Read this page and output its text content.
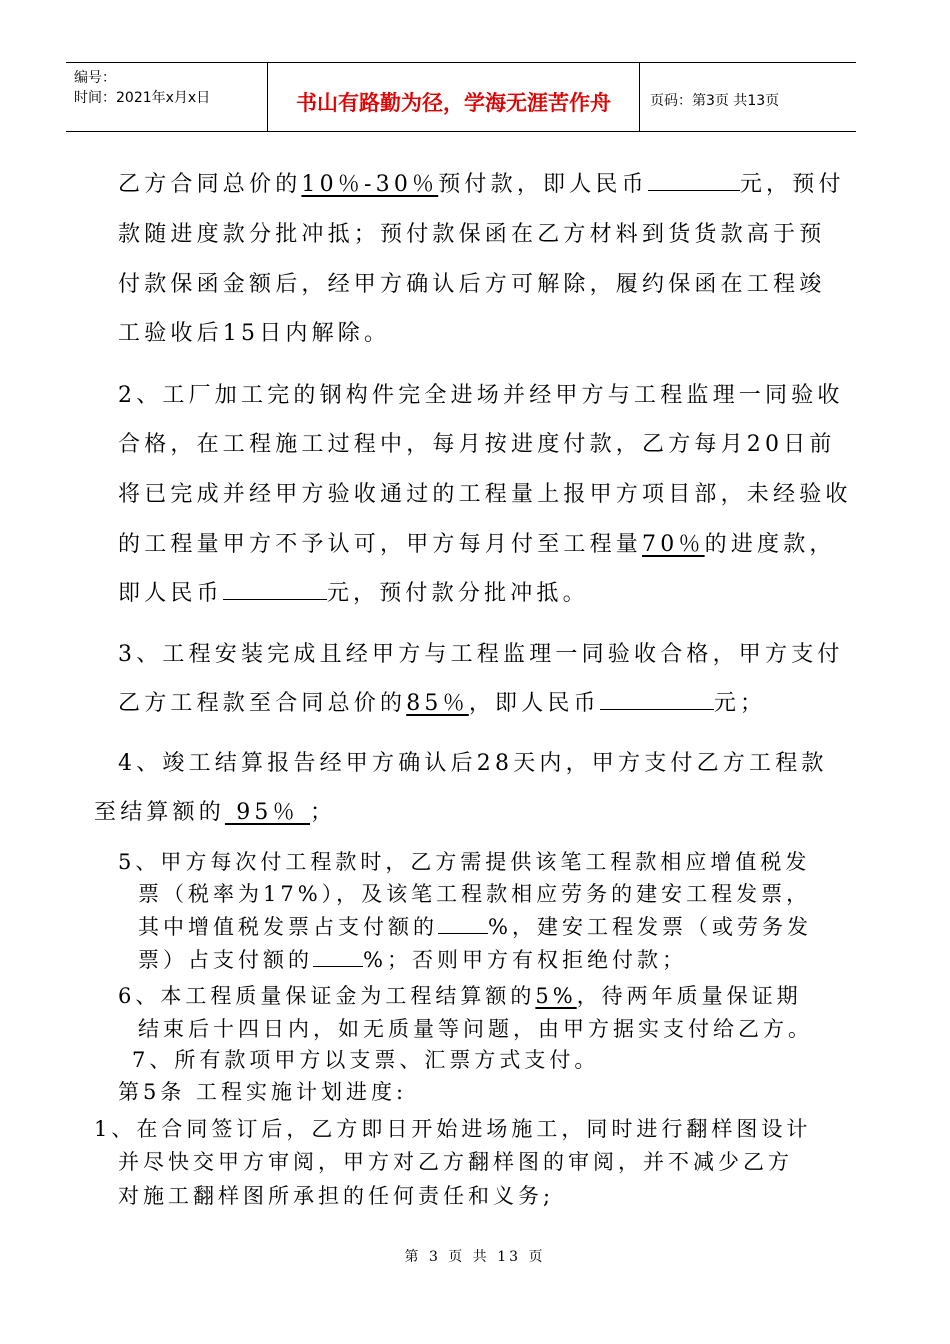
编号：
时间：2021年x月x日	书山有路勤为径，学海无涯苦作舟	页码：第3页 共13页
乙方合同总价的10％-30％预付款，即人民币	元，预付
款随进度款分批冲抵；预付款保函在乙方材料到货货款高于预
付款保函金额后，经甲方确认后方可解除，履约保函在工程竣
工验收后15日内解除。
2、工厂加工完的钢构件完全进场并经甲方与工程监理一同验收
合格，在工程施工过程中，每月按进度付款，乙方每月20日前
将已完成并经甲方验收通过的工程量上报甲方项目部，未经验收
的工程量甲方不予认可，甲方每月付至工程量70％的进度款，
即人民币	元，预付款分批冲抵。
3、工程安装完成且经甲方与工程监理一同验收合格，甲方支付
乙方工程款至合同总价的85％，即人民币	元；
4、竣工结算报告经甲方确认后28天内，甲方支付乙方工程款
至结算额的 95％ ；
5、甲方每次付工程款时，乙方需提供该笔工程款相应增值税发
票（税率为17%），及该笔工程款相应劳务的建安工程发票，
其中增值税发票占支付额的 %，建安工程发票（或劳务发
票）占支付额的 %；否则甲方有权拒绝付款；
6、本工程质量保证金为工程结算额的5%，待两年质量保证期
结束后十四日内，如无质量等问题，由甲方据实支付给乙方。
7、所有款项甲方以支票、汇票方式支付。
第5条 工程实施计划进度:
1、在合同签订后，乙方即日开始进场施工，同时进行翻样图设计
并尽快交甲方审阅，甲方对乙方翻样图的审阅，并不减少乙方
对施工翻样图所承担的任何责任和义务;
第 3 页 共 13 页
